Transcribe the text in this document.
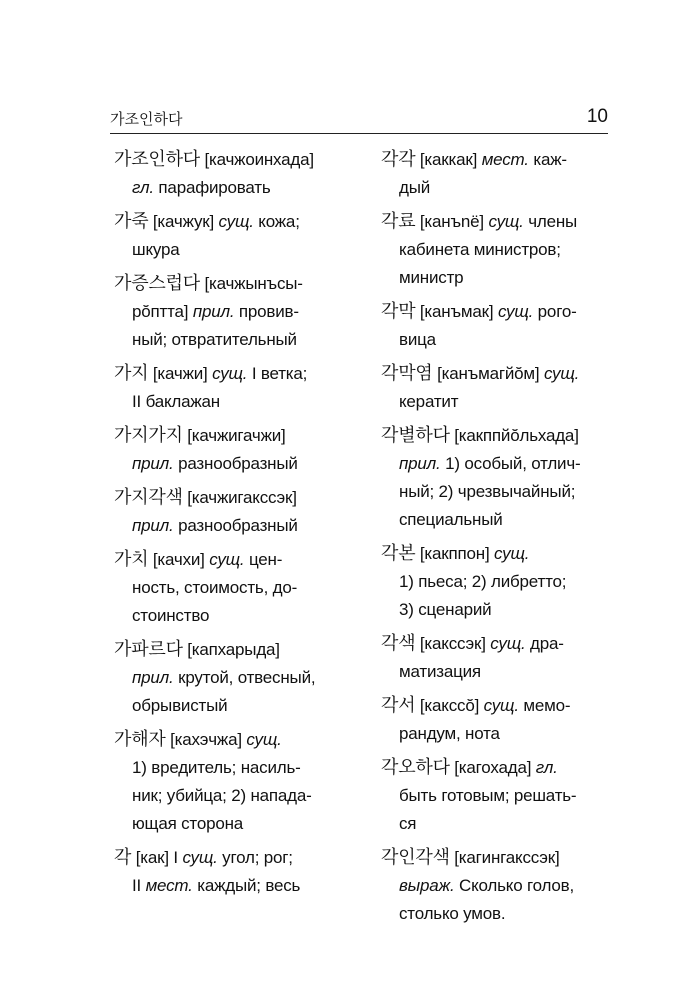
가조인하다	10
가조인하다 [качжоинхада]
гл. парафировать
가죽 [качжук] сущ. кожа;
шкура
가증스럽다 [качжынъсы-
рŏптта] прил. провив-
ный; отвратительный
가지 [качжи] сущ. I ветка;
II баклажан
가지가지 [качжигачжи]
прил. разнообразный
가지각색 [качжигакссэк]
прил. разнообразный
가치 [качхи] сущ. цен-
ность, стоимость, до-
стоинство
가파르다 [капхарыда]
прил. крутой, отвесный,
обрывистый
가해자 [кахэчжа] сущ.
1) вредитель; насиль-
ник; убийца; 2) напада-
ющая сторона
각 [как] I сущ. угол; рог;
II мест. каждый; весь
각각 [каккак] мест. каж-
дый
각료 [канъnё] сущ. члены
кабинета министров;
министр
각막 [канъмак] сущ. рого-
вица
각막염 [канъмагйŏм] сущ.
кератит
각별하다 [какппйŏльхада]
прил. 1) особый, отлич-
ный; 2) чрезвычайный;
специальный
각본 [какппон] сущ.
1) пьеса; 2) либретто;
3) сценарий
각색 [какссэк] сущ. дра-
матизация
각서 [какссŏ] сущ. мемо-
рандум, нота
각오하다 [кагохада] гл.
быть готовым; решать-
ся
각인각색 [кагингакссэк]
выраж. Сколько голов,
столько умов.
